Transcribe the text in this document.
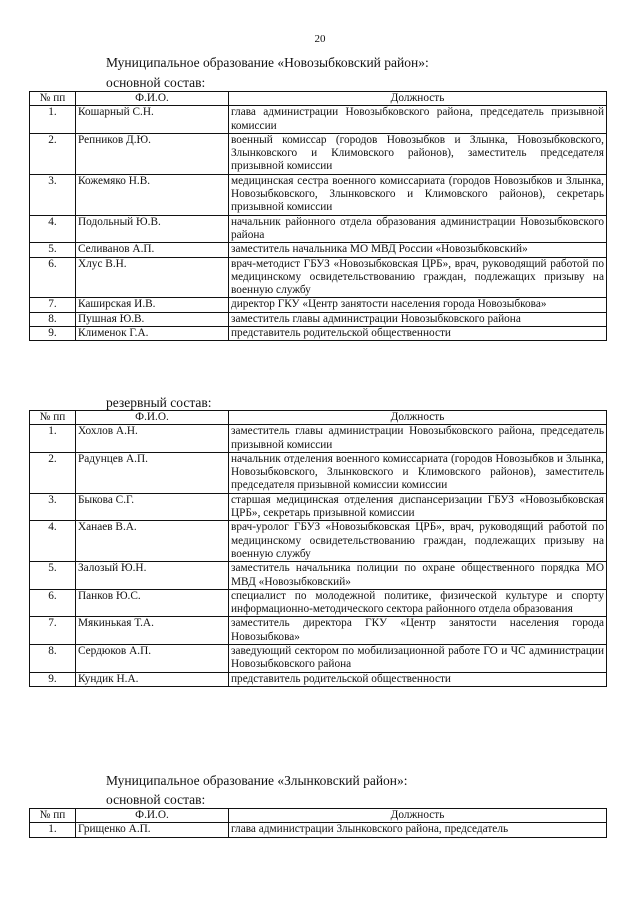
20
Муниципальное образование «Новозыбковский район»:
основной состав:
№ пп	Ф.И.О.	Должность
1.	Кошарный С.Н.	глава администрации Новозыбковского района, председатель призывной комиссии
2.	Репников Д.Ю.	военный комиссар (городов Новозыбков и Злынка, Новозыбковского, Злынковского и Климовского районов), заместитель председателя призывной комиссии
3.	Кожемяко Н.В.	медицинская сестра военного комиссариата (городов Новозыбков и Злынка, Новозыбковского, Злынковского и Климовского районов), секретарь призывной комиссии
4.	Подольный Ю.В.	начальник районного отдела образования администрации Новозыбковского района
5.	Селиванов А.П.	заместитель начальника МО МВД России «Новозыбковский»
6.	Хлус В.Н.	врач-методист ГБУЗ «Новозыбковская ЦРБ», врач, руководящий работой по медицинскому освидетельствованию граждан, подлежащих призыву на военную службу
7.	Каширская И.В.	директор ГКУ «Центр занятости населения города Новозыбкова»
8.	Пушная Ю.В.	заместитель главы администрации Новозыбковского района
9.	Клименок Г.А.	представитель родительской общественности
резервный состав:
№ пп	Ф.И.О.	Должность
1.	Хохлов А.Н.	заместитель главы администрации Новозыбковского района, председатель призывной комиссии
2.	Радунцев А.П.	начальник отделения военного комиссариата (городов Новозыбков и Злынка, Новозыбковского, Злынковского и Климовского районов), заместитель председателя призывной комиссии комиссии
3.	Быкова С.Г.	старшая медицинская отделения диспансеризации ГБУЗ «Новозыбковская ЦРБ», секретарь призывной комиссии
4.	Ханаев В.А.	врач-уролог ГБУЗ «Новозыбковская ЦРБ», врач, руководящий работой по медицинскому освидетельствованию граждан, подлежащих призыву на военную службу
5.	Залозый Ю.Н.	заместитель начальника полиции по охране общественного порядка МО МВД «Новозыбковский»
6.	Панков Ю.С.	специалист по молодежной политике, физической культуре и спорту информационно-методического сектора районного отдела образования
7.	Мякинькая Т.А.	заместитель директора ГКУ «Центр занятости населения города Новозыбкова»
8.	Сердюков А.П.	заведующий сектором по мобилизационной работе ГО и ЧС администрации Новозыбковского района
9.	Кундик Н.А.	представитель родительской общественности
Муниципальное образование «Злынковский район»:
основной состав:
№ пп	Ф.И.О.	Должность
1.	Грищенко А.П.	глава администрации Злынковского района, председатель
